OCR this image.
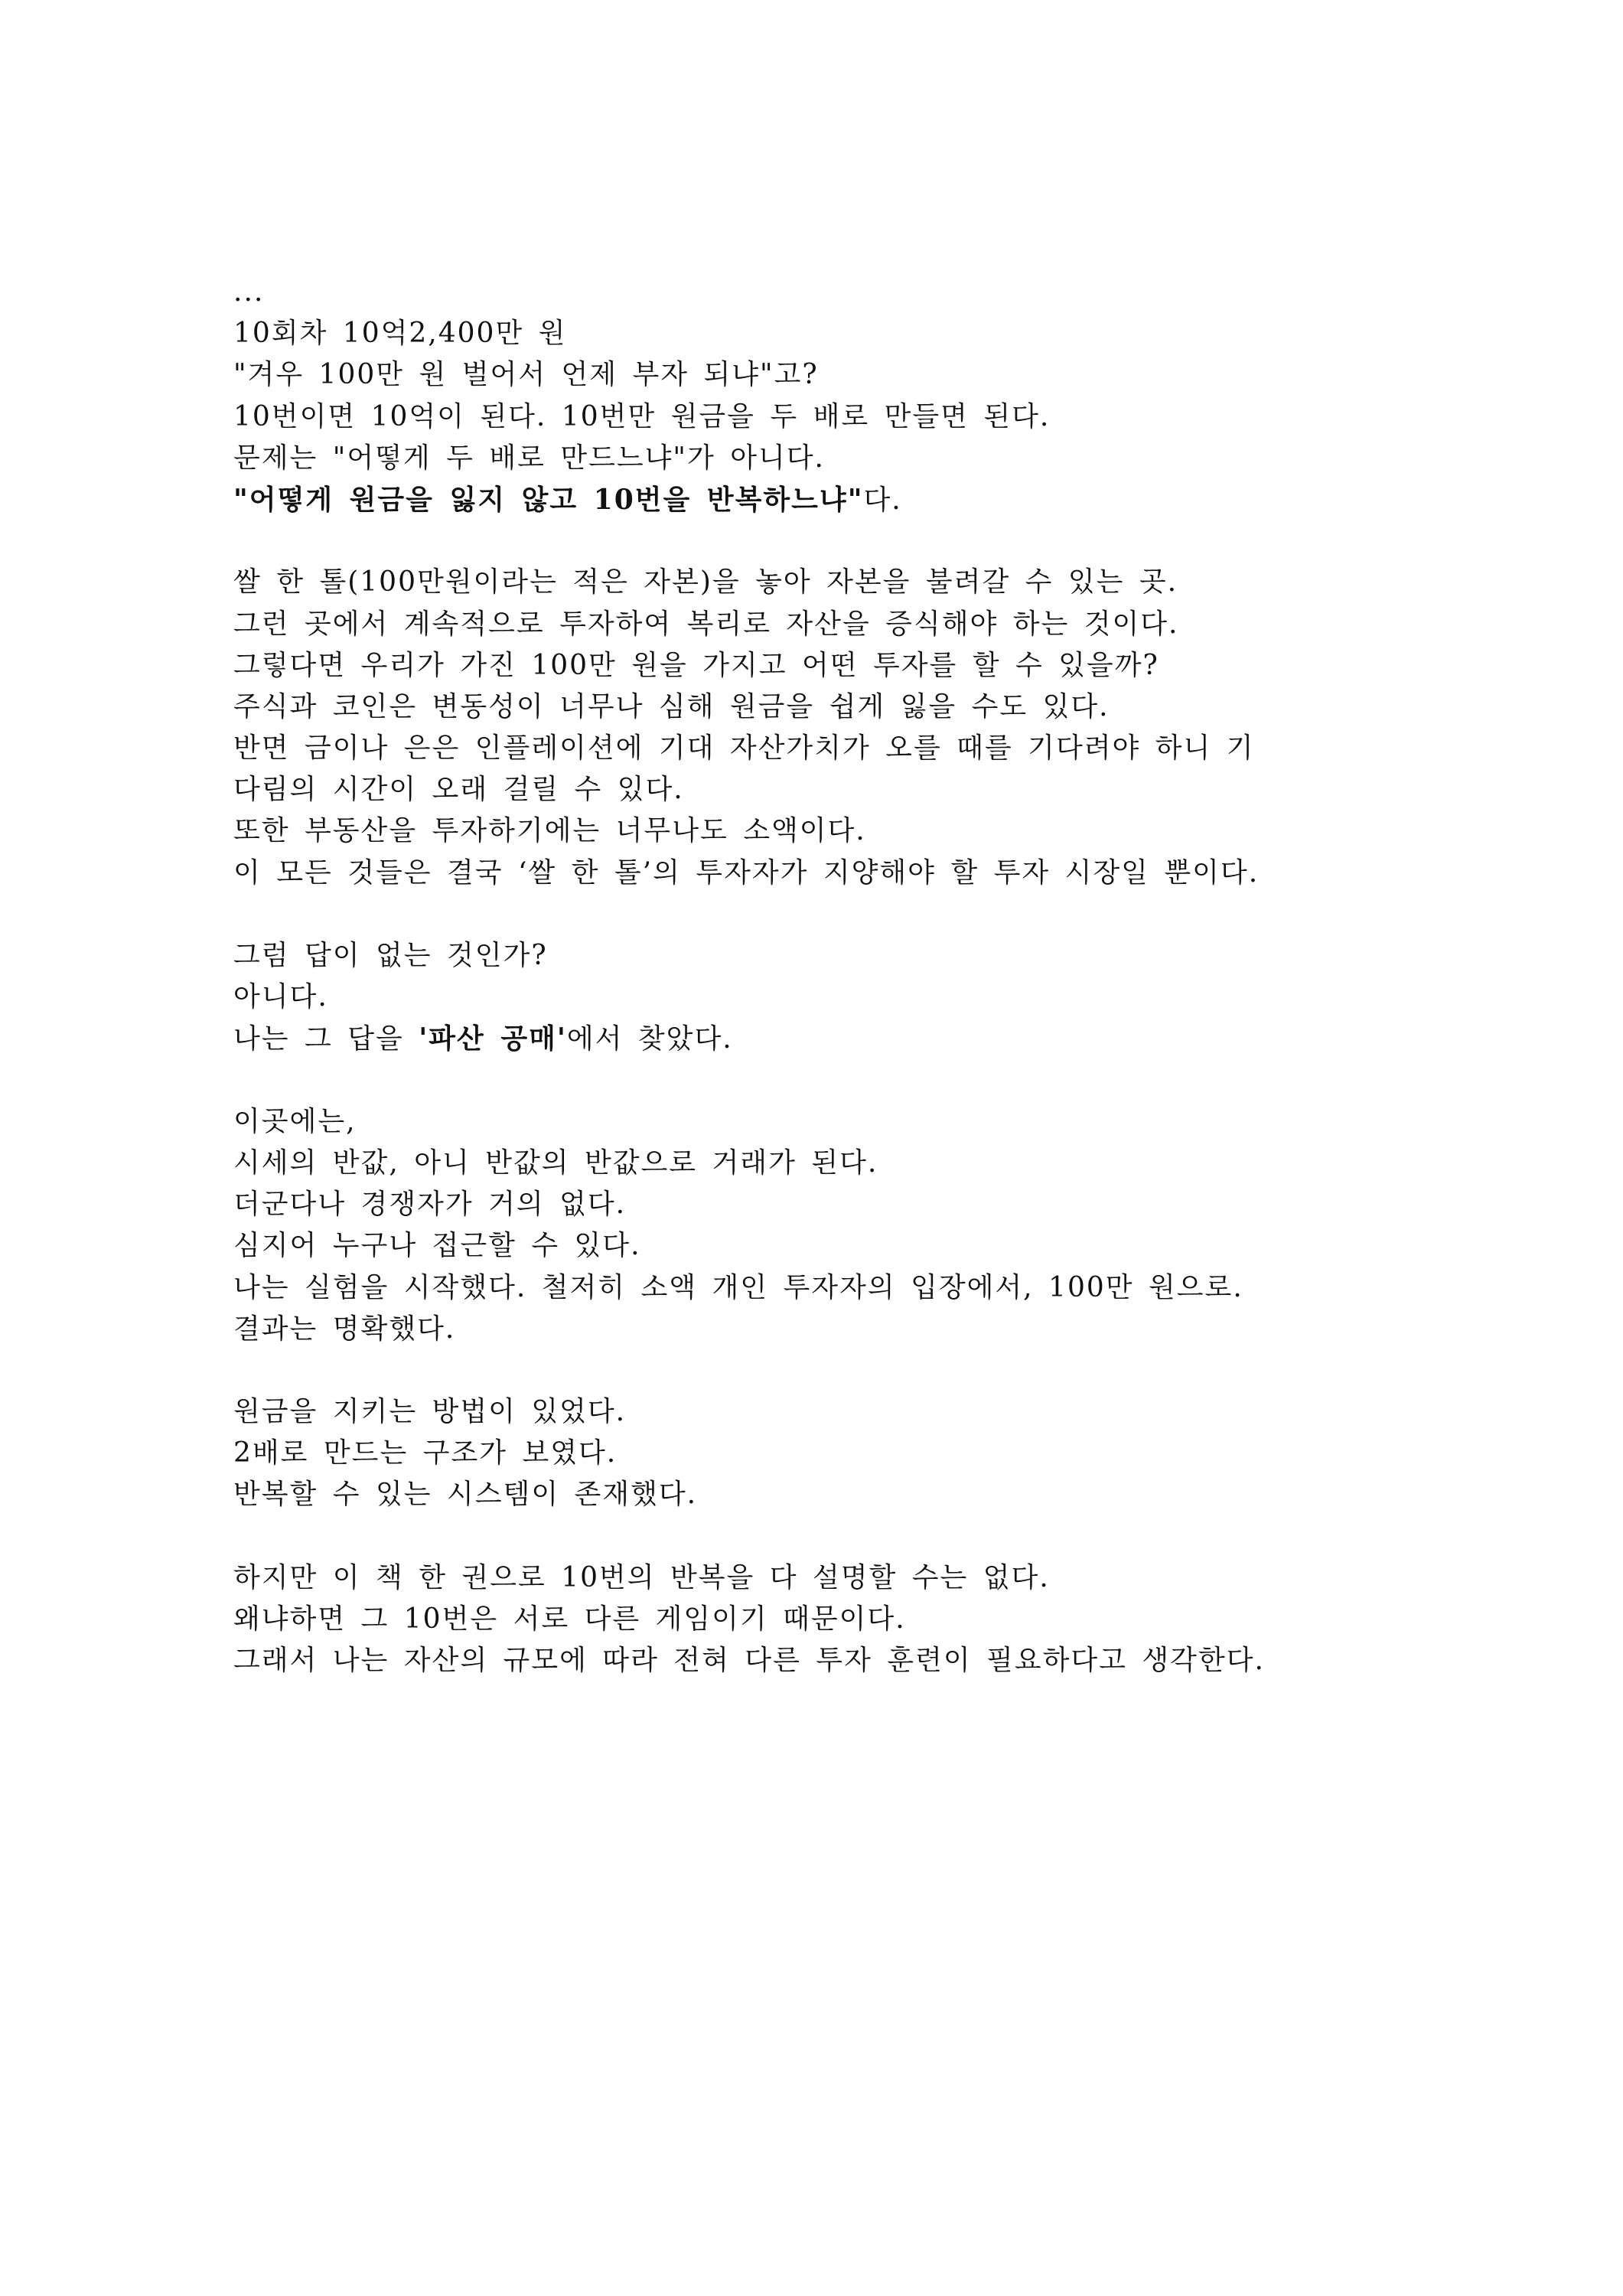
...
10회차 10억2,400만 원
"겨우 100만 원 벌어서 언제 부자 되냐"고?
10번이면 10억이 된다. 10번만 원금을 두 배로 만들면 된다.
문제는 "어떻게 두 배로 만드느냐"가 아니다.
"어떻게 원금을 잃지 않고 10번을 반복하느냐"다.
쌀 한 톨(100만원이라는 적은 자본)을 놓아 자본을 불려갈 수 있는 곳.
그런 곳에서 계속적으로 투자하여 복리로 자산을 증식해야 하는 것이다.
그렇다면 우리가 가진 100만 원을 가지고 어떤 투자를 할 수 있을까?
주식과 코인은 변동성이 너무나 심해 원금을 쉽게 잃을 수도 있다.
반면 금이나 은은 인플레이션에 기대 자산가치가 오를 때를 기다려야 하니 기
다림의 시간이 오래 걸릴 수 있다.
또한 부동산을 투자하기에는 너무나도 소액이다.
이 모든 것들은 결국 ‘쌀 한 톨’의 투자자가 지양해야 할 투자 시장일 뿐이다.
그럼 답이 없는 것인가?
아니다.
나는 그 답을 '파산 공매'에서 찾았다.
이곳에는,
시세의 반값, 아니 반값의 반값으로 거래가 된다.
더군다나 경쟁자가 거의 없다.
심지어 누구나 접근할 수 있다.
나는 실험을 시작했다. 철저히 소액 개인 투자자의 입장에서, 100만 원으로.
결과는 명확했다.
원금을 지키는 방법이 있었다.
2배로 만드는 구조가 보였다.
반복할 수 있는 시스템이 존재했다.
하지만 이 책 한 권으로 10번의 반복을 다 설명할 수는 없다.
왜냐하면 그 10번은 서로 다른 게임이기 때문이다.
그래서 나는 자산의 규모에 따라 전혀 다른 투자 훈련이 필요하다고 생각한다.
